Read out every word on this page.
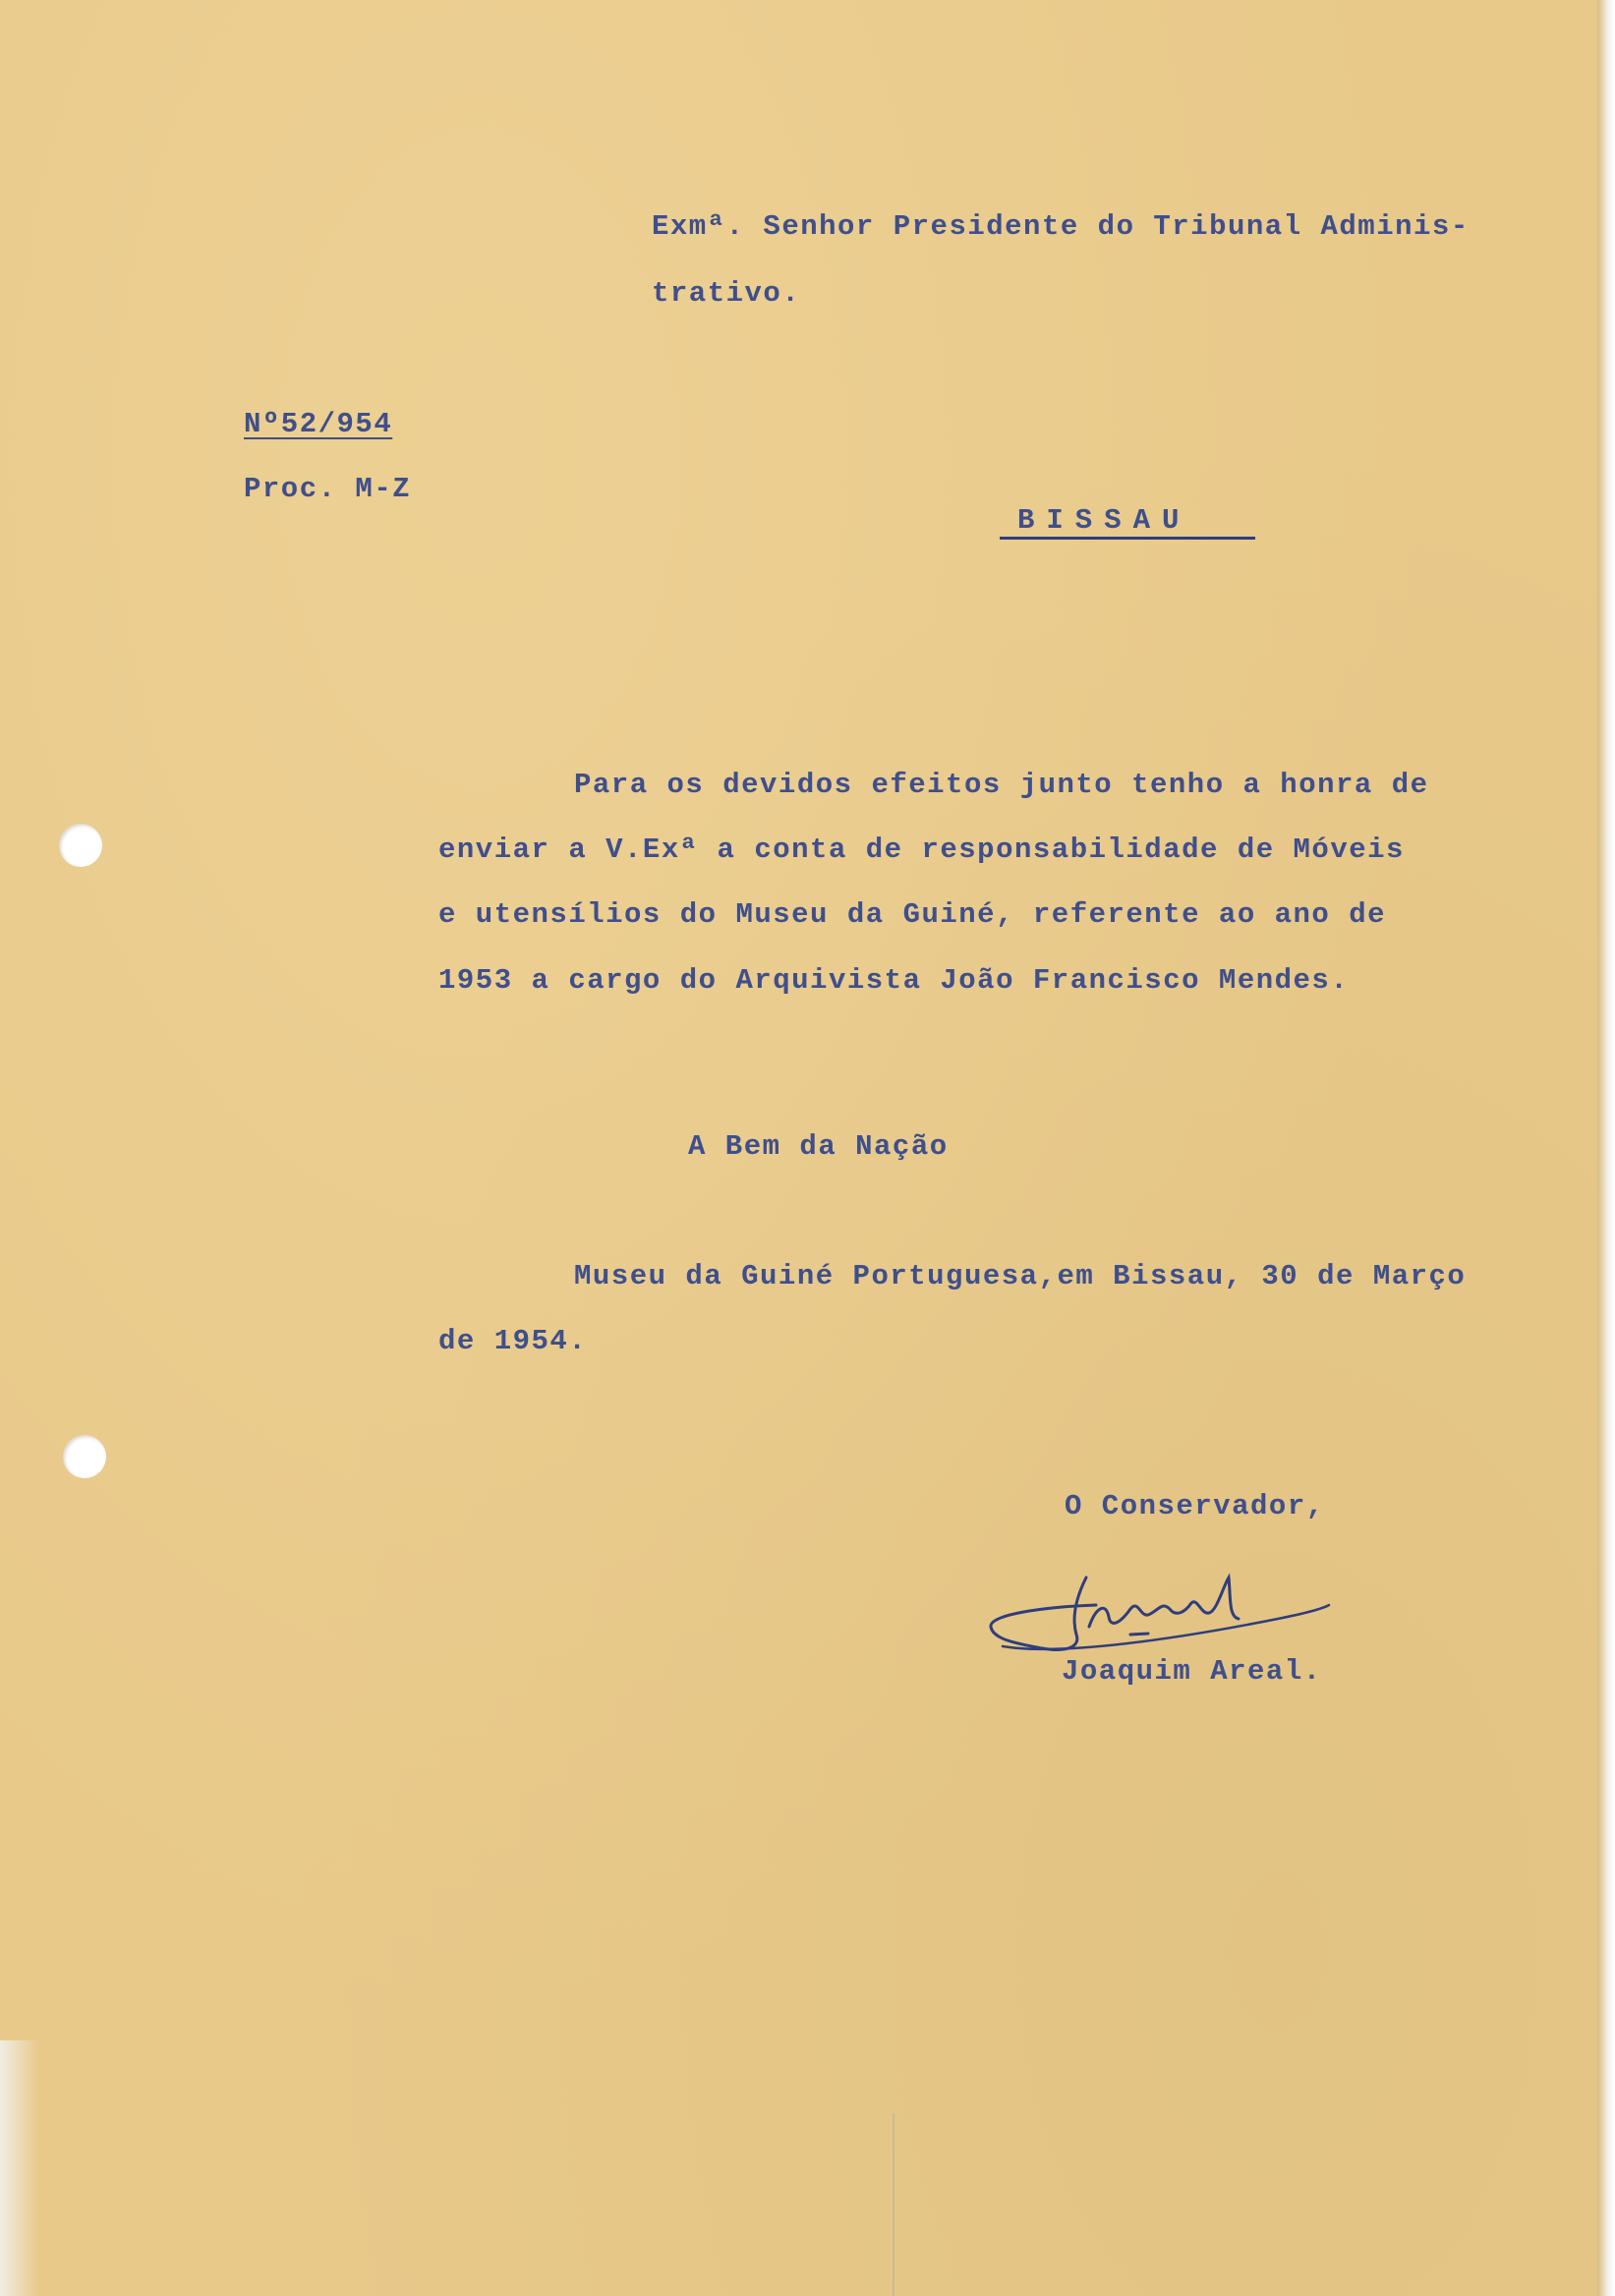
Exmª. Senhor Presidente do Tribunal Adminis-
trativo.
Nº52/954
Proc. M-Z
BISSAU
Para os devidos efeitos junto tenho a honra de
enviar a V.Exª a conta de responsabilidade de Móveis
e utensílios do Museu da Guiné, referente ao ano de
1953 a cargo do Arquivista João Francisco Mendes.
A Bem da Nação
Museu da Guiné Portuguesa,em Bissau, 30 de Março
de 1954.
O Conservador,
Joaquim Areal.
